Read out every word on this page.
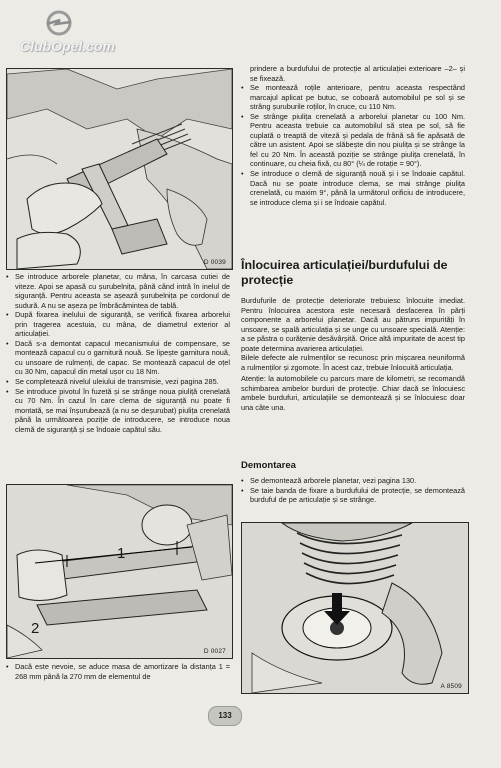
ClubOpel.com
D 0039
• Se introduce arborele planetar, cu mâna, în carcasa cutiei de viteze. Apoi se apasă cu șurubelnița, până când intră în inelul de siguranță. Pentru aceasta se așează șurubelnița pe cordonul de sudură. A nu se așeza pe îmbrăcămintea de tablă.
• După fixarea inelului de siguranță, se verifică fixarea arborelui prin tragerea acestuia, cu mâna, de diametrul exterior al articulației.
• Dacă s-a demontat capacul mecanismului de compensare, se montează capacul cu o garnitură nouă. Se lipește garnitura nouă, cu unsoare de rulmenți, de capac. Se montează capacul de oțel cu 30 Nm, capacul din metal ușor cu 18 Nm.
• Se completează nivelul uleiului de transmisie, vezi pagina 285.
• Se introduce pivotul în fuzetă și se strânge noua piuliță crenelată cu 70 Nm. În cazul în care clema de siguranță nu poate fi montată, se mai înșurubează (a nu se deșurubat) piulița crenelată până la următoarea poziție de introducere, se introduce noua clemă de siguranță și se îndoaie capătul său.
1
2
D 0027
• Dacă este nevoie, se aduce masa de amortizare la distanța 1 = 268 mm până la 270 mm de elementul de

prindere a burdufului de protecție al articulației exterioare –2– și se fixează.

• Se montează roțile anterioare, pentru aceasta respectând marcajul aplicat pe butuc, se coboară automobilul pe sol și se strâng șuruburile roților, în cruce, cu 110 Nm.
• Se strânge piulița crenelată a arborelui planetar cu 100 Nm. Pentru aceasta trebuie ca automobilul să stea pe sol, să fie cuplată o treaptă de viteză și pedala de frână să fie apăsată de către un asistent. Apoi se slăbește din nou piulița și se strânge la fel cu 20 Nm. În această poziție se strânge piulița crenelată, în continuare, cu cheia fixă, cu 80° (¼ de rotație = 90°).
• Se introduce o clemă de siguranță nouă și i se îndoaie capătul. Dacă nu se poate introduce clema, se mai strânge piulița crenelată, cu maxim 9°, până la următorul orificiu de introducere, se introduce clema și i se îndoaie capătul.
Înlocuirea articulației/burdufului de protecție

Burdufurile de protecție deteriorate trebuiesc înlocuite imediat. Pentru înlocuirea acestora este necesară desfacerea în părți componente a arborelui planetar. Dacă au pătruns impurități în unsoare, se spală articulația și se unge cu unsoare specială. Atenție: a se păstra o curățenie desăvârșită. Orice altă impuritate de acest tip poate determina avarierea articulației.

Bilele defecte ale rulmenților se recunosc prin mișcarea neuniformă a rulmenților și zgomote. În acest caz, trebuie înlocuită articulația.

Atenție: la automobilele cu parcurs mare de kilometri, se recomandă schimbarea ambelor burduri de protecție. Chiar dacă se înlocuiesc ambele burdufuri, articulațiile se demontează și se înlocuiesc doar una câte una.

Demontarea
• Se demontează arborele planetar, vezi pagina 130.
• Se taie banda de fixare a burdufului de protecție, se demontează burduful de pe articulație și se strânge.
A 8509
133
